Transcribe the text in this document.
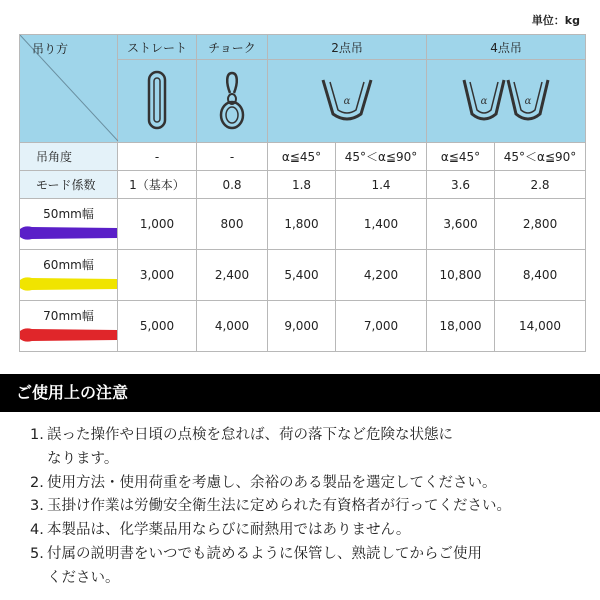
単位：kg
吊り方	ストレート	チョーク	2点吊		4点吊	

α		α α	

吊角度	-	-	α≦45°	45°＜α≦90°	α≦45°	45°＜α≦90°
モード係数	1（基本）	0.8	1.8	1.4	3.6	2.8

50mm幅	1,000	800	1,800	1,400	3,600	2,800

60mm幅	3,000	2,400	5,400	4,200	10,800	8,400

70mm幅	5,000	4,000	9,000	7,000	18,000	14,000
ご使用上の注意

1. 誤った操作や日頃の点検を怠れば、荷の落下など危険な状態に
なります。

2. 使用方法・使用荷重を考慮し、余裕のある製品を選定してください。

3. 玉掛け作業は労働安全衛生法に定められた有資格者が行ってください。

4. 本製品は、化学薬品用ならびに耐熱用ではありません。

5. 付属の説明書をいつでも読めるように保管し、熟読してからご使用
ください。
